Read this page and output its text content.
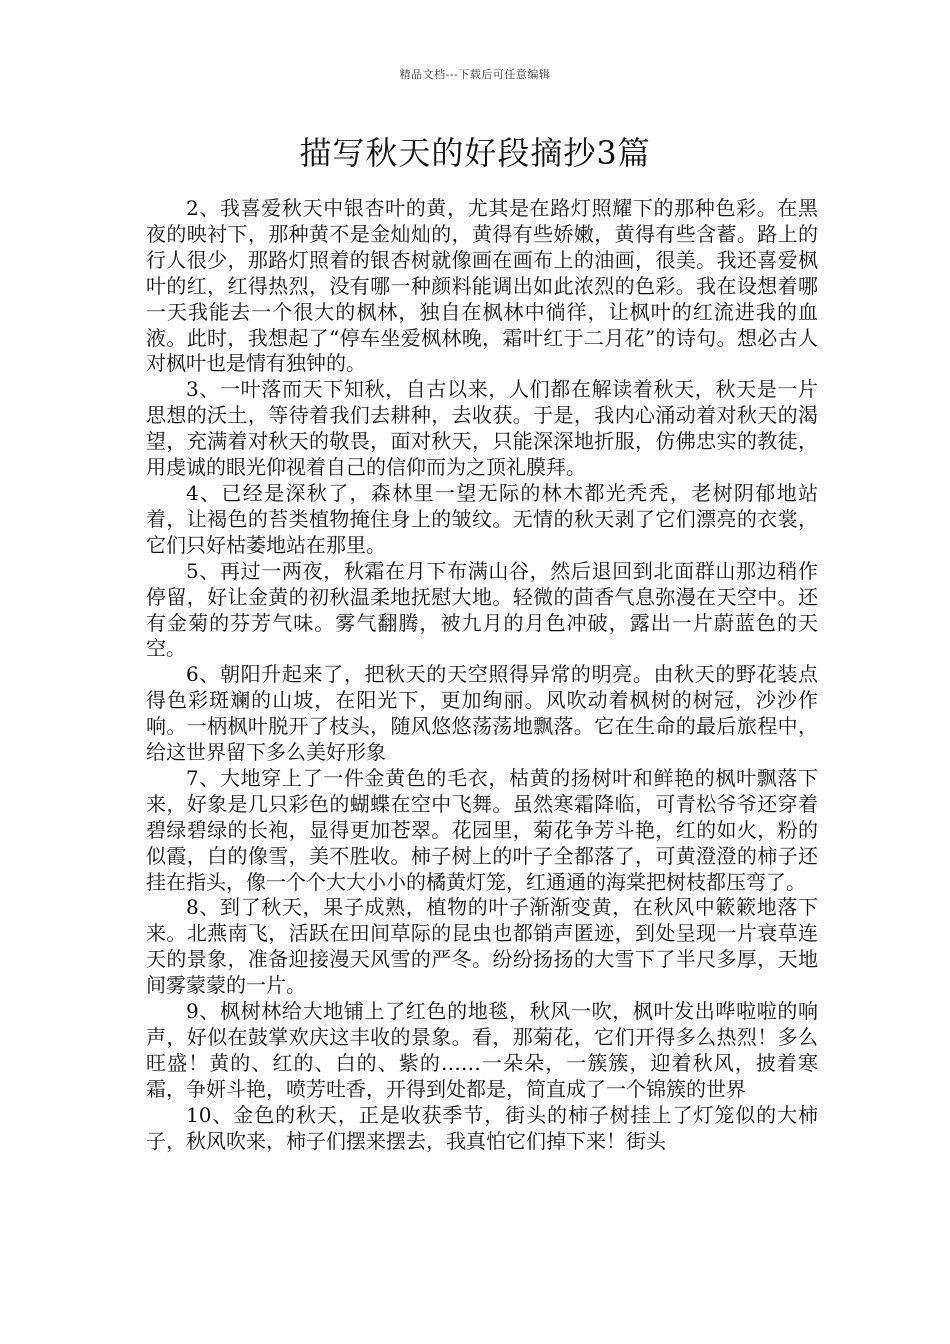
精品文档---下载后可任意编辑
描写秋天的好段摘抄3篇

2、我喜爱秋天中银杏叶的黄，尤其是在路灯照耀下的那种色彩。在黑夜的映衬下，那种黄不是金灿灿的，黄得有些娇嫩，黄得有些含蓄。路上的行人很少，那路灯照着的银杏树就像画在画布上的油画，很美。我还喜爱枫叶的红，红得热烈，没有哪一种颜料能调出如此浓烈的色彩。我在设想着哪一天我能去一个很大的枫林，独自在枫林中徜徉，让枫叶的红流进我的血液。此时，我想起了“停车坐爱枫林晚，霜叶红于二月花”的诗句。想必古人对枫叶也是情有独钟的。

3、一叶落而天下知秋，自古以来，人们都在解读着秋天，秋天是一片思想的沃土，等待着我们去耕种，去收获。于是，我内心涌动着对秋天的渴望，充满着对秋天的敬畏，面对秋天，只能深深地折服，仿佛忠实的教徒，用虔诚的眼光仰视着自己的信仰而为之顶礼膜拜。

4、已经是深秋了，森林里一望无际的林木都光秃秃，老树阴郁地站着，让褐色的苔类植物掩住身上的皱纹。无情的秋天剥了它们漂亮的衣裳，它们只好枯萎地站在那里。

5、再过一两夜，秋霜在月下布满山谷，然后退回到北面群山那边稍作停留，好让金黄的初秋温柔地抚慰大地。轻微的茴香气息弥漫在天空中。还有金菊的芬芳气味。雾气翻腾，被九月的月色冲破，露出一片蔚蓝色的天空。

6、朝阳升起来了，把秋天的天空照得异常的明亮。由秋天的野花装点得色彩斑斓的山坡，在阳光下，更加绚丽。风吹动着枫树的树冠，沙沙作响。一柄枫叶脱开了枝头，随风悠悠荡荡地飘落。它在生命的最后旅程中，给这世界留下多么美好形象

7、大地穿上了一件金黄色的毛衣，枯黄的扬树叶和鲜艳的枫叶飘落下来，好象是几只彩色的蝴蝶在空中飞舞。虽然寒霜降临，可青松爷爷还穿着碧绿碧绿的长袍，显得更加苍翠。花园里，菊花争芳斗艳，红的如火，粉的似霞，白的像雪，美不胜收。柿子树上的叶子全都落了，可黄澄澄的柿子还挂在指头，像一个个大大小小的橘黄灯笼，红通通的海棠把树枝都压弯了。

8、到了秋天，果子成熟，植物的叶子渐渐变黄，在秋风中簌簌地落下来。北燕南飞，活跃在田间草际的昆虫也都销声匿迹，到处呈现一片衰草连天的景象，准备迎接漫天风雪的严冬。纷纷扬扬的大雪下了半尺多厚，天地间雾蒙蒙的一片。

9、枫树林给大地铺上了红色的地毯，秋风一吹，枫叶发出哗啦啦的响声，好似在鼓掌欢庆这丰收的景象。看，那菊花，它们开得多么热烈！多么旺盛！黄的、红的、白的、紫的……一朵朵，一簇簇，迎着秋风，披着寒霜，争妍斗艳，喷芳吐香，开得到处都是，简直成了一个锦簇的世界

10、金色的秋天，正是收获季节，街头的柿子树挂上了灯笼似的大柿子，秋风吹来，柿子们摆来摆去，我真怕它们掉下来！街头
